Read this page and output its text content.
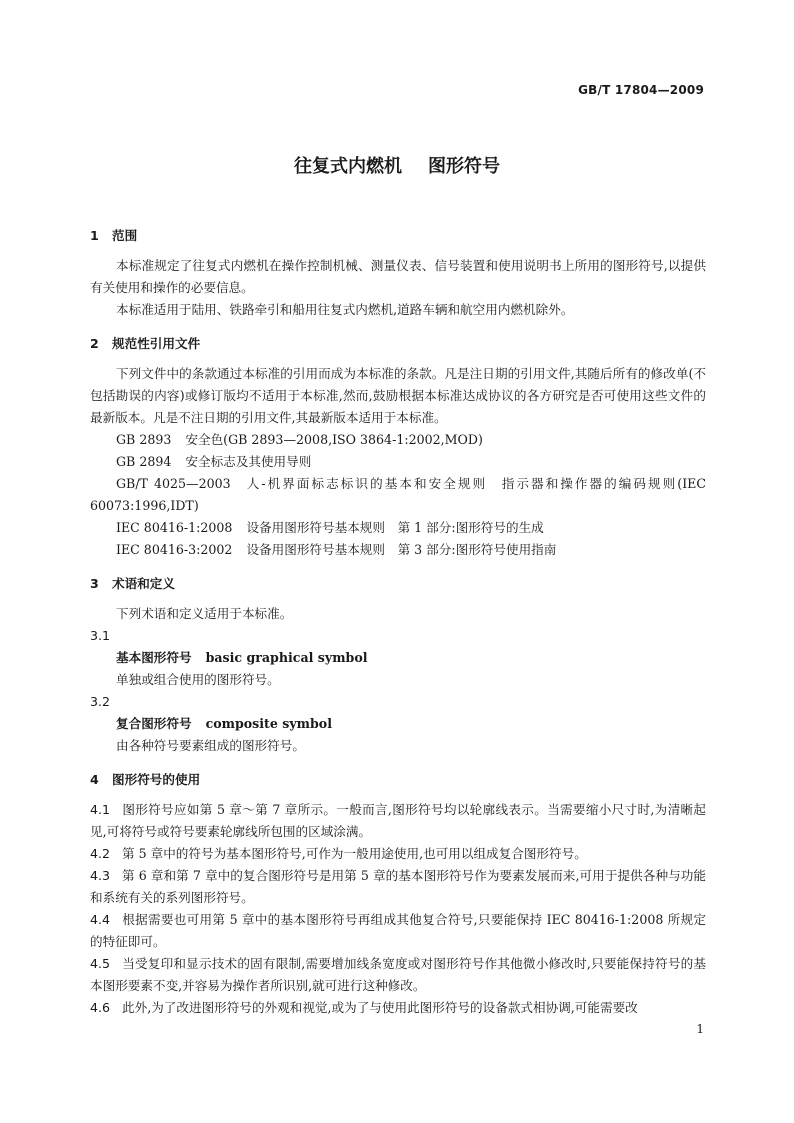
GB/T 17804—2009
往复式内燃机 图形符号
1 范围

本标准规定了往复式内燃机在操作控制机械、测量仪表、信号装置和使用说明书上所用的图形符号,以提供有关使用和操作的必要信息。

本标准适用于陆用、铁路牵引和船用往复式内燃机,道路车辆和航空用内燃机除外。

2 规范性引用文件

下列文件中的条款通过本标准的引用而成为本标准的条款。凡是注日期的引用文件,其随后所有的修改单(不包括勘误的内容)或修订版均不适用于本标准,然而,鼓励根据本标准达成协议的各方研究是否可使用这些文件的最新版本。凡是不注日期的引用文件,其最新版本适用于本标准。

GB 2893 安全色(GB 2893—2008,ISO 3864-1:2002,MOD)

GB 2894 安全标志及其使用导则

GB/T 4025—2003 人-机界面标志标识的基本和安全规则　指示器和操作器的编码规则(IEC 60073:1996,IDT)

IEC 80416-1:2008 设备用图形符号基本规则　第 1 部分:图形符号的生成

IEC 80416-3:2002 设备用图形符号基本规则　第 3 部分:图形符号使用指南

3 术语和定义

下列术语和定义适用于本标准。

3.1

基本图形符号 basic graphical symbol

单独或组合使用的图形符号。

3.2

复合图形符号 composite symbol

由各种符号要素组成的图形符号。

4 图形符号的使用

4.1 图形符号应如第 5 章～第 7 章所示。一般而言,图形符号均以轮廓线表示。当需要缩小尺寸时,为清晰起见,可将符号或符号要素轮廓线所包围的区域涂满。

4.2 第 5 章中的符号为基本图形符号,可作为一般用途使用,也可用以组成复合图形符号。

4.3 第 6 章和第 7 章中的复合图形符号是用第 5 章的基本图形符号作为要素发展而来,可用于提供各种与功能和系统有关的系列图形符号。

4.4 根据需要也可用第 5 章中的基本图形符号再组成其他复合符号,只要能保持 IEC 80416-1:2008 所规定的特征即可。

4.5 当受复印和显示技术的固有限制,需要增加线条宽度或对图形符号作其他微小修改时,只要能保持符号的基本图形要素不变,并容易为操作者所识别,就可进行这种修改。

4.6 此外,为了改进图形符号的外观和视觉,或为了与使用此图形符号的设备款式相协调,可能需要改

1
